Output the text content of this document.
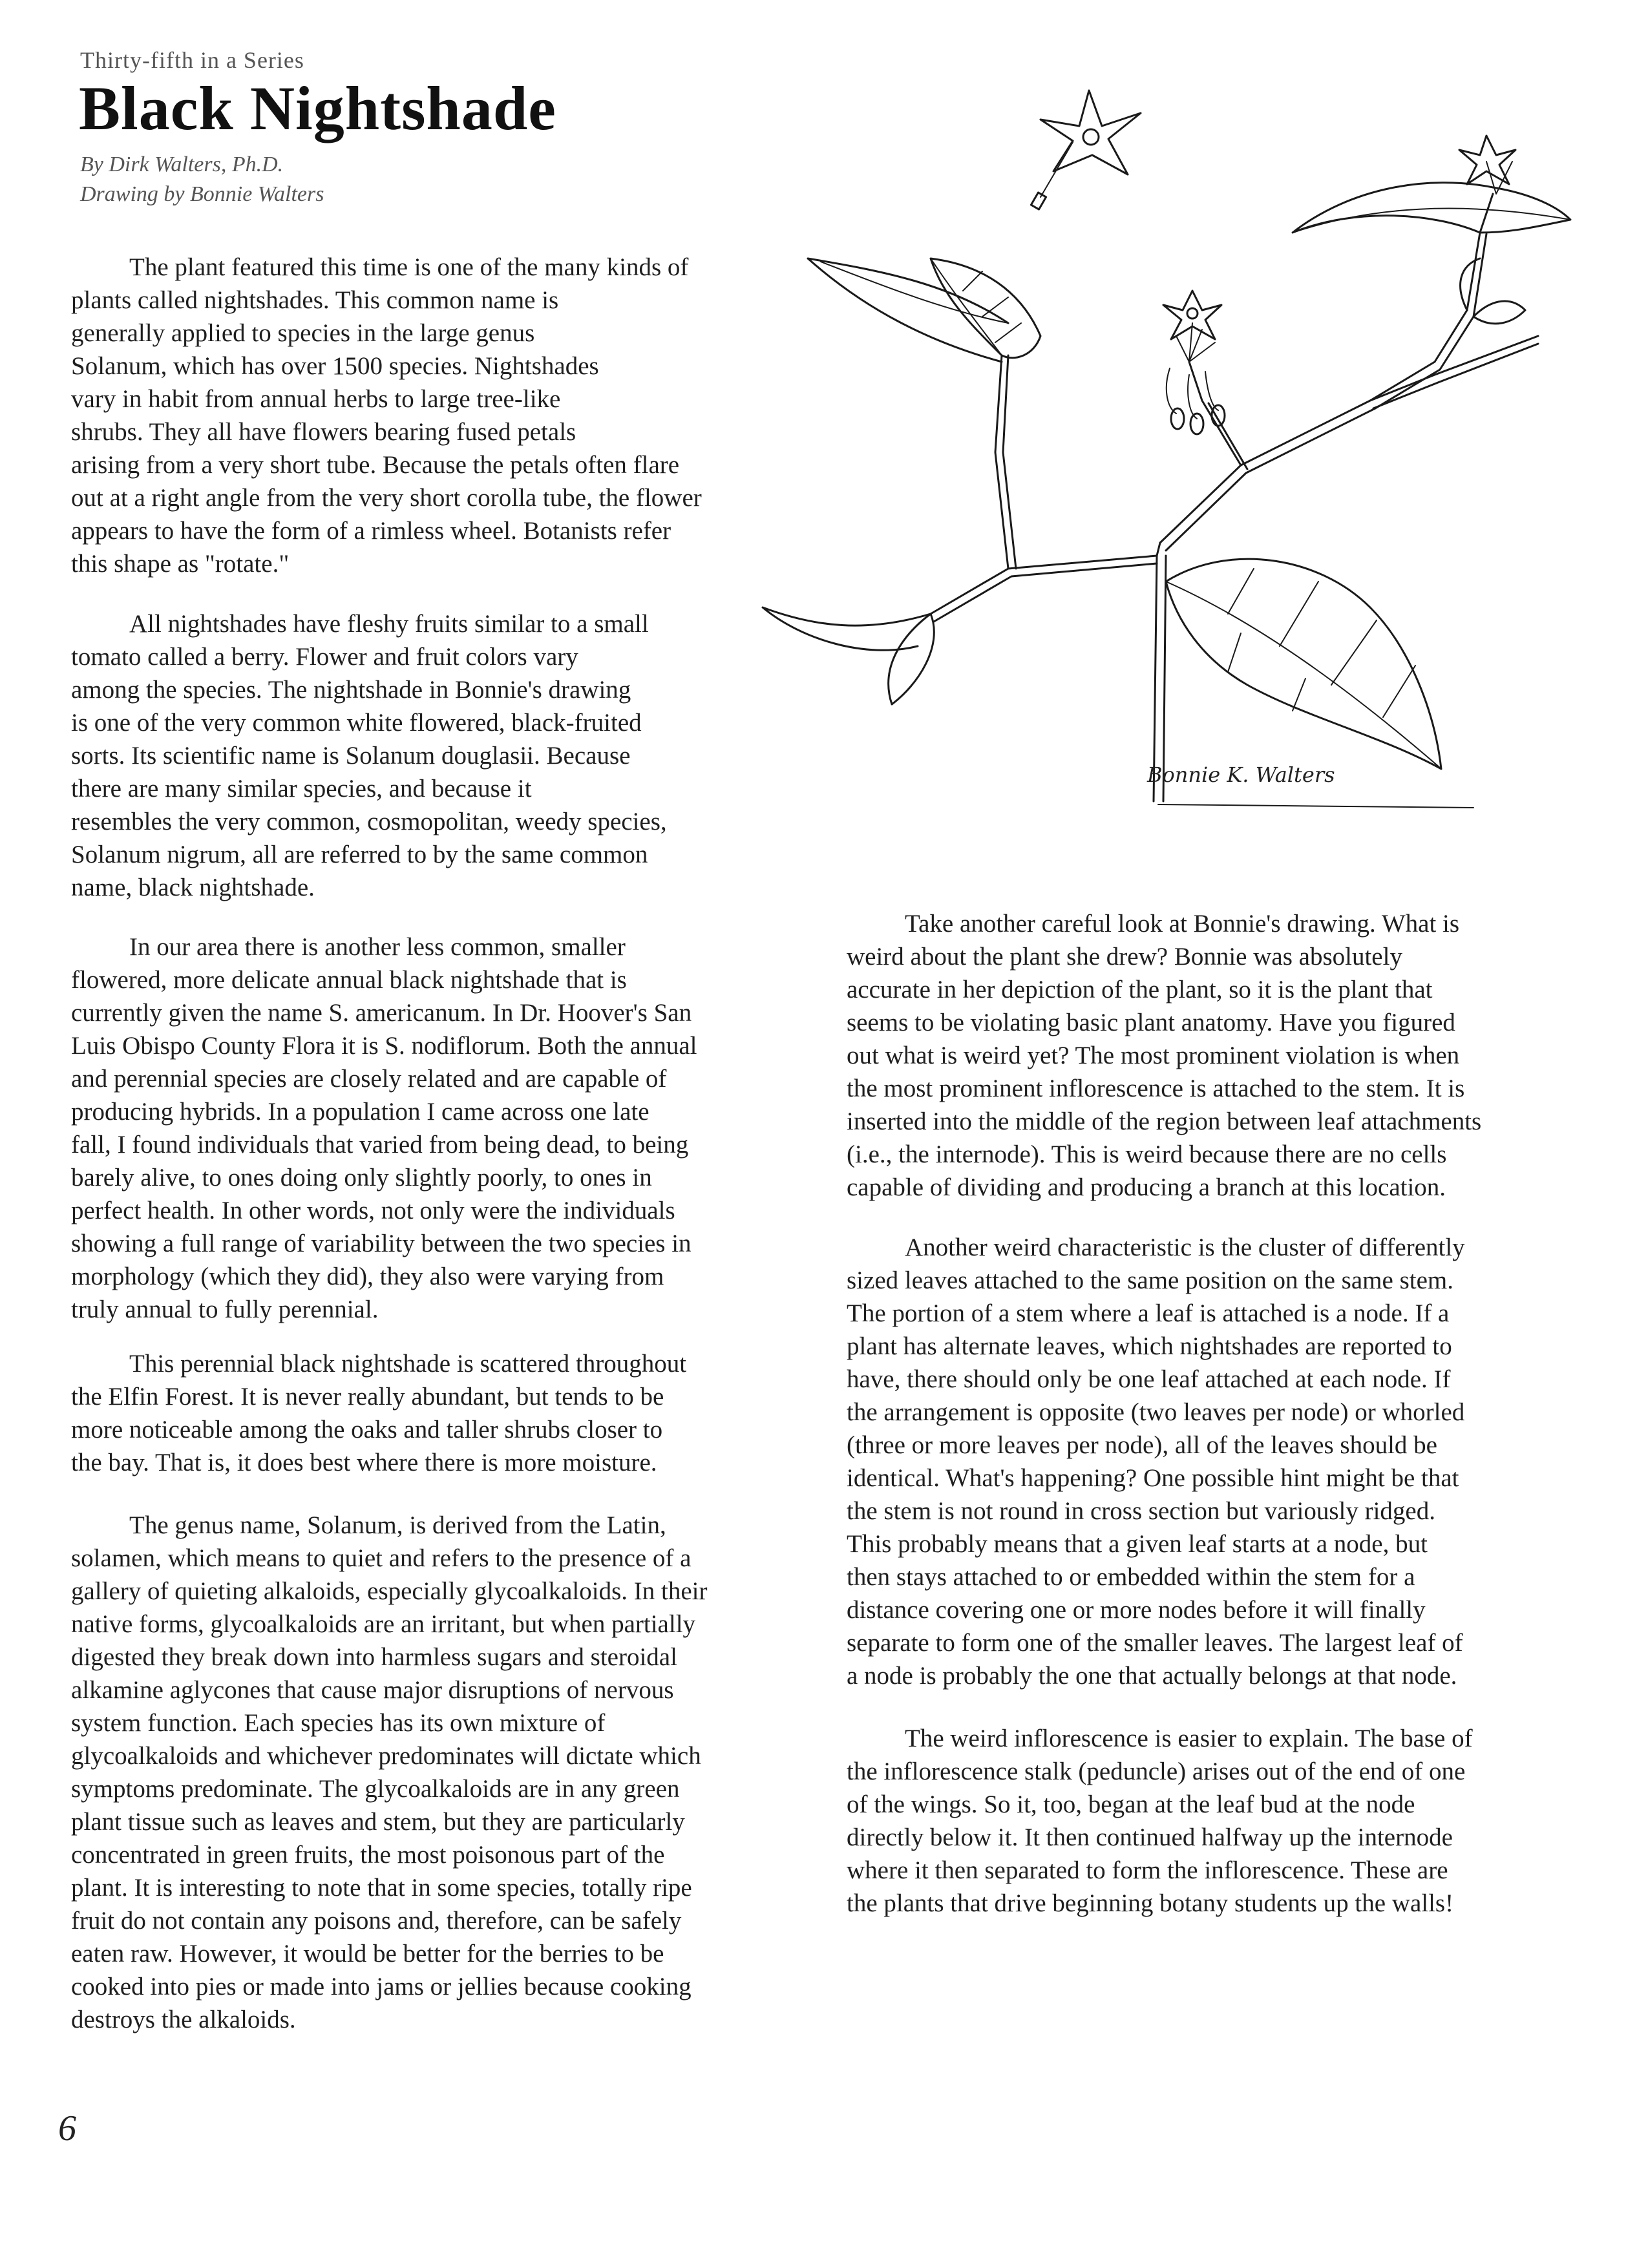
Thirty-fifth in a Series
Black Nightshade
By Dirk Walters, Ph.D.
Drawing by Bonnie Walters
Bonnie K. Walters

The plant featured this time is one of the many kinds of

plants called nightshades. This common name is

generally applied to species in the large genus

Solanum, which has over 1500 species. Nightshades

vary in habit from annual herbs to large tree-like

shrubs. They all have flowers bearing fused petals

arising from a very short tube. Because the petals often flare

out at a right angle from the very short corolla tube, the flower

appears to have the form of a rimless wheel. Botanists refer

this shape as "rotate."

All nightshades have fleshy fruits similar to a small

tomato called a berry. Flower and fruit colors vary

among the species. The nightshade in Bonnie's drawing

is one of the very common white flowered, black-fruited

sorts. Its scientific name is Solanum douglasii. Because

there are many similar species, and because it

resembles the very common, cosmopolitan, weedy species,

Solanum nigrum, all are referred to by the same common

name, black nightshade.

In our area there is another less common, smaller

flowered, more delicate annual black nightshade that is

currently given the name S. americanum. In Dr. Hoover's San

Luis Obispo County Flora it is S. nodiflorum. Both the annual

and perennial species are closely related and are capable of

producing hybrids. In a population I came across one late

fall, I found individuals that varied from being dead, to being

barely alive, to ones doing only slightly poorly, to ones in

perfect health. In other words, not only were the individuals

showing a full range of variability between the two species in

morphology (which they did), they also were varying from

truly annual to fully perennial.

This perennial black nightshade is scattered throughout

the Elfin Forest. It is never really abundant, but tends to be

more noticeable among the oaks and taller shrubs closer to

the bay. That is, it does best where there is more moisture.

The genus name, Solanum, is derived from the Latin,

solamen, which means to quiet and refers to the presence of a

gallery of quieting alkaloids, especially glycoalkaloids. In their

native forms, glycoalkaloids are an irritant, but when partially

digested they break down into harmless sugars and steroidal

alkamine aglycones that cause major disruptions of nervous

system function. Each species has its own mixture of

glycoalkaloids and whichever predominates will dictate which

symptoms predominate. The glycoalkaloids are in any green

plant tissue such as leaves and stem, but they are particularly

concentrated in green fruits, the most poisonous part of the

plant. It is interesting to note that in some species, totally ripe

fruit do not contain any poisons and, therefore, can be safely

eaten raw. However, it would be better for the berries to be

cooked into pies or made into jams or jellies because cooking

destroys the alkaloids.

Take another careful look at Bonnie's drawing. What is

weird about the plant she drew? Bonnie was absolutely

accurate in her depiction of the plant, so it is the plant that

seems to be violating basic plant anatomy. Have you figured

out what is weird yet? The most prominent violation is when

the most prominent inflorescence is attached to the stem. It is

inserted into the middle of the region between leaf attachments

(i.e., the internode). This is weird because there are no cells

capable of dividing and producing a branch at this location.

Another weird characteristic is the cluster of differently

sized leaves attached to the same position on the same stem.

The portion of a stem where a leaf is attached is a node. If a

plant has alternate leaves, which nightshades are reported to

have, there should only be one leaf attached at each node. If

the arrangement is opposite (two leaves per node) or whorled

(three or more leaves per node), all of the leaves should be

identical. What's happening? One possible hint might be that

the stem is not round in cross section but variously ridged.

This probably means that a given leaf starts at a node, but

then stays attached to or embedded within the stem for a

distance covering one or more nodes before it will finally

separate to form one of the smaller leaves. The largest leaf of

a node is probably the one that actually belongs at that node.

The weird inflorescence is easier to explain. The base of

the inflorescence stalk (peduncle) arises out of the end of one

of the wings. So it, too, began at the leaf bud at the node

directly below it. It then continued halfway up the internode

where it then separated to form the inflorescence. These are

the plants that drive beginning botany students up the walls!

6
